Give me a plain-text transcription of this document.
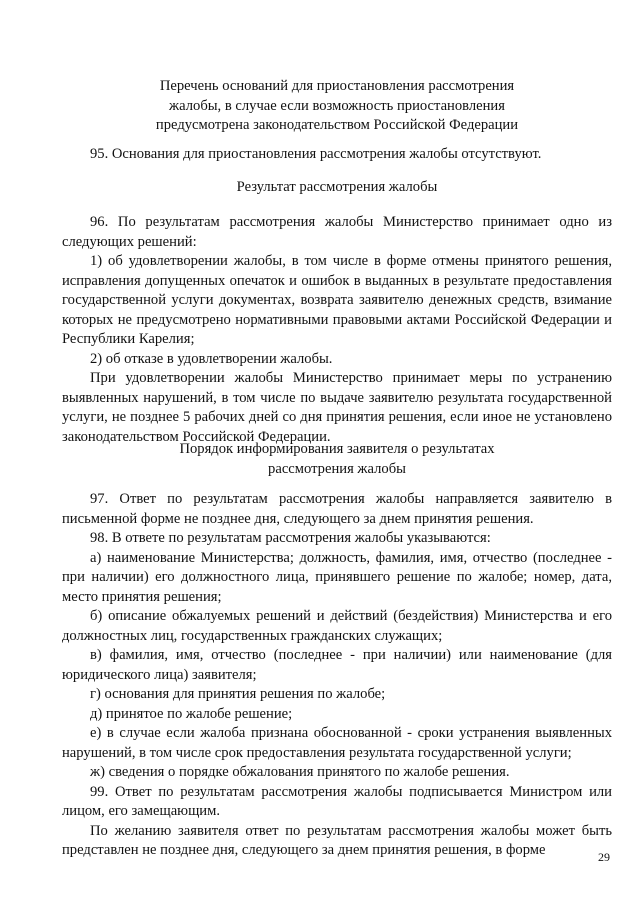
Перечень оснований для приостановления рассмотрения

жалобы, в случае если возможность приостановления

предусмотрена законодательством Российской Федерации

95. Основания для приостановления рассмотрения жалобы отсутствуют.

Результат рассмотрения жалобы

96. По результатам рассмотрения жалобы Министерство принимает одно из следующих решений:

1) об удовлетворении жалобы, в том числе в форме отмены принятого решения, исправления допущенных опечаток и ошибок в выданных в результате предоставления государственной услуги документах, возврата заявителю денежных средств, взимание которых не предусмотрено нормативными правовыми актами Российской Федерации и Республики Карелия;

2) об отказе в удовлетворении жалобы.

При удовлетворении жалобы Министерство принимает меры по устранению выявленных нарушений, в том числе по выдаче заявителю результата государственной услуги, не позднее 5 рабочих дней со дня принятия решения, если иное не установлено законодательством Российской Федерации.

Порядок информирования заявителя о результатах

рассмотрения жалобы

97. Ответ по результатам рассмотрения жалобы направляется заявителю в письменной форме не позднее дня, следующего за днем принятия решения.

98. В ответе по результатам рассмотрения жалобы указываются:

а) наименование Министерства; должность, фамилия, имя, отчество (последнее - при наличии) его должностного лица, принявшего решение по жалобе; номер, дата, место принятия решения;

б) описание обжалуемых решений и действий (бездействия) Министерства и его должностных лиц, государственных гражданских служащих;

в) фамилия, имя, отчество (последнее - при наличии) или наименование (для юридического лица) заявителя;

г) основания для принятия решения по жалобе;

д) принятое по жалобе решение;

е) в случае если жалоба признана обоснованной - сроки устранения выявленных нарушений, в том числе срок предоставления результата государственной услуги;

ж) сведения о порядке обжалования принятого по жалобе решения.

99. Ответ по результатам рассмотрения жалобы подписывается Министром или лицом, его замещающим.

По желанию заявителя ответ по результатам рассмотрения жалобы может быть представлен не позднее дня, следующего за днем принятия решения, в форме	29
